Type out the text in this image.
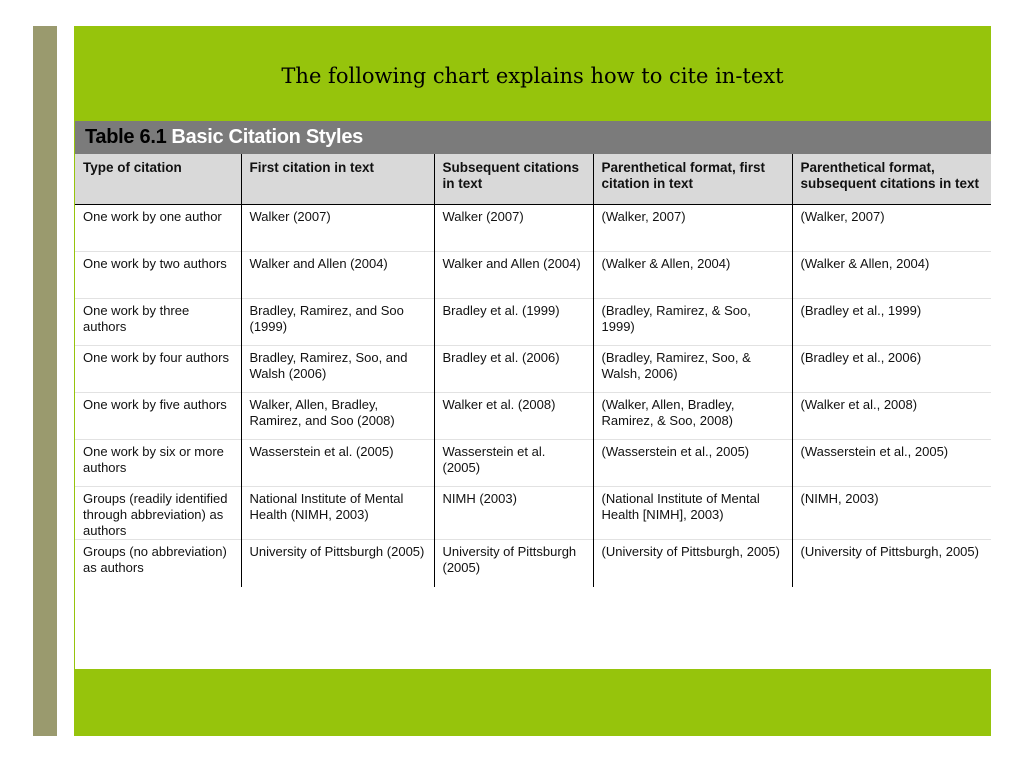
The following chart explains how to cite in-text
Table 6.1 Basic Citation Styles
Type of citation	First citation in text	Subsequent citations in text	Parenthetical format, first citation in text	Parenthetical format, subsequent citations in text
One work by one author	Walker (2007)	Walker (2007)	(Walker, 2007)	(Walker, 2007)
One work by two authors	Walker and Allen (2004)	Walker and Allen (2004)	(Walker & Allen, 2004)	(Walker & Allen, 2004)
One work by three authors	Bradley, Ramirez, and Soo (1999)	Bradley et al. (1999)	(Bradley, Ramirez, & Soo, 1999)	(Bradley et al., 1999)
One work by four authors	Bradley, Ramirez, Soo, and Walsh (2006)	Bradley et al. (2006)	(Bradley, Ramirez, Soo, & Walsh, 2006)	(Bradley et al., 2006)
One work by five authors	Walker, Allen, Bradley, Ramirez, and Soo (2008)	Walker et al. (2008)	(Walker, Allen, Bradley, Ramirez, & Soo, 2008)	(Walker et al., 2008)
One work by six or more authors	Wasserstein et al. (2005)	Wasserstein et al. (2005)	(Wasserstein et al., 2005)	(Wasserstein et al., 2005)
Groups (readily identified through abbreviation) as authors	National Institute of Mental Health (NIMH, 2003)	NIMH (2003)	(National Institute of Mental Health [NIMH], 2003)	(NIMH, 2003)
Groups (no abbreviation) as authors	University of Pittsburgh (2005)	University of Pittsburgh (2005)	(University of Pittsburgh, 2005)	(University of Pittsburgh, 2005)
